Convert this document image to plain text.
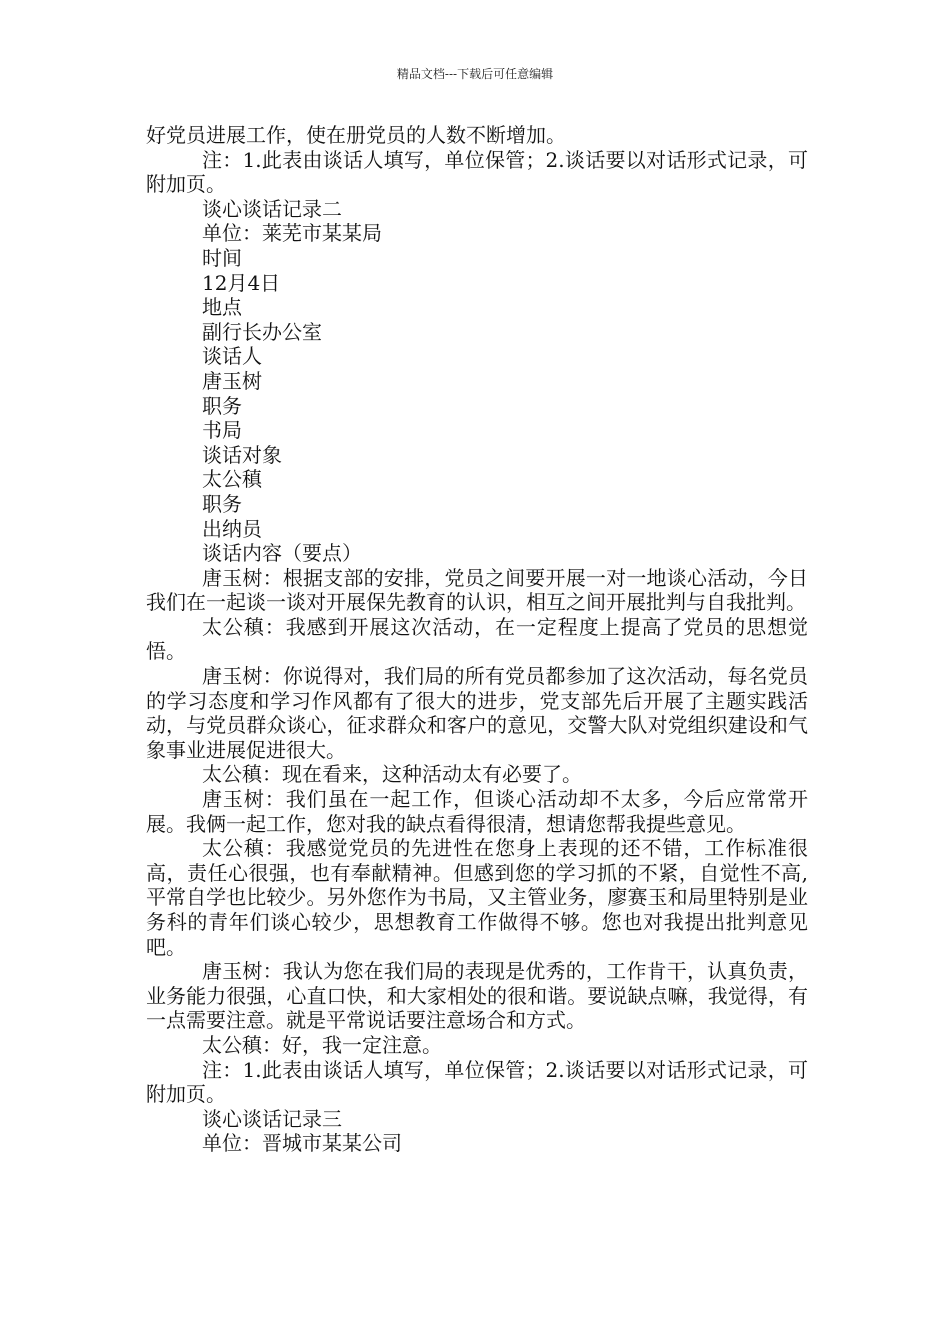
精品文档---下载后可任意编辑

好党员进展工作，使在册党员的人数不断增加。

注：1.此表由谈话人填写，单位保管；2.谈话要以对话形式记录，可附加页。

谈心谈话记录二

单位：莱芜市某某局

时间

12月4日

地点

副行长办公室

谈话人

唐玉树

职务

书局

谈话对象

太公稹

职务

出纳员

谈话内容（要点）

唐玉树：根据支部的安排，党员之间要开展一对一地谈心活动，今日我们在一起谈一谈对开展保先教育的认识，相互之间开展批判与自我批判。

太公稹：我感到开展这次活动，在一定程度上提高了党员的思想觉悟。

唐玉树：你说得对，我们局的所有党员都参加了这次活动，每名党员的学习态度和学习作风都有了很大的进步，党支部先后开展了主题实践活动，与党员群众谈心，征求群众和客户的意见，交警大队对党组织建设和气象事业进展促进很大。

太公稹：现在看来，这种活动太有必要了。

唐玉树：我们虽在一起工作，但谈心活动却不太多，今后应常常开展。我俩一起工作，您对我的缺点看得很清，想请您帮我提些意见。

太公稹：我感觉党员的先进性在您身上表现的还不错，工作标准很高，责任心很强，也有奉献精神。但感到您的学习抓的不紧，自觉性不高,平常自学也比较少。另外您作为书局，又主管业务，廖赛玉和局里特别是业务科的青年们谈心较少，思想教育工作做得不够。您也对我提出批判意见吧。

唐玉树：我认为您在我们局的表现是优秀的，工作肯干，认真负责，业务能力很强，心直口快，和大家相处的很和谐。要说缺点嘛，我觉得，有一点需要注意。就是平常说话要注意场合和方式。

太公稹：好，我一定注意。

注：1.此表由谈话人填写，单位保管；2.谈话要以对话形式记录，可附加页。

谈心谈话记录三

单位：晋城市某某公司
